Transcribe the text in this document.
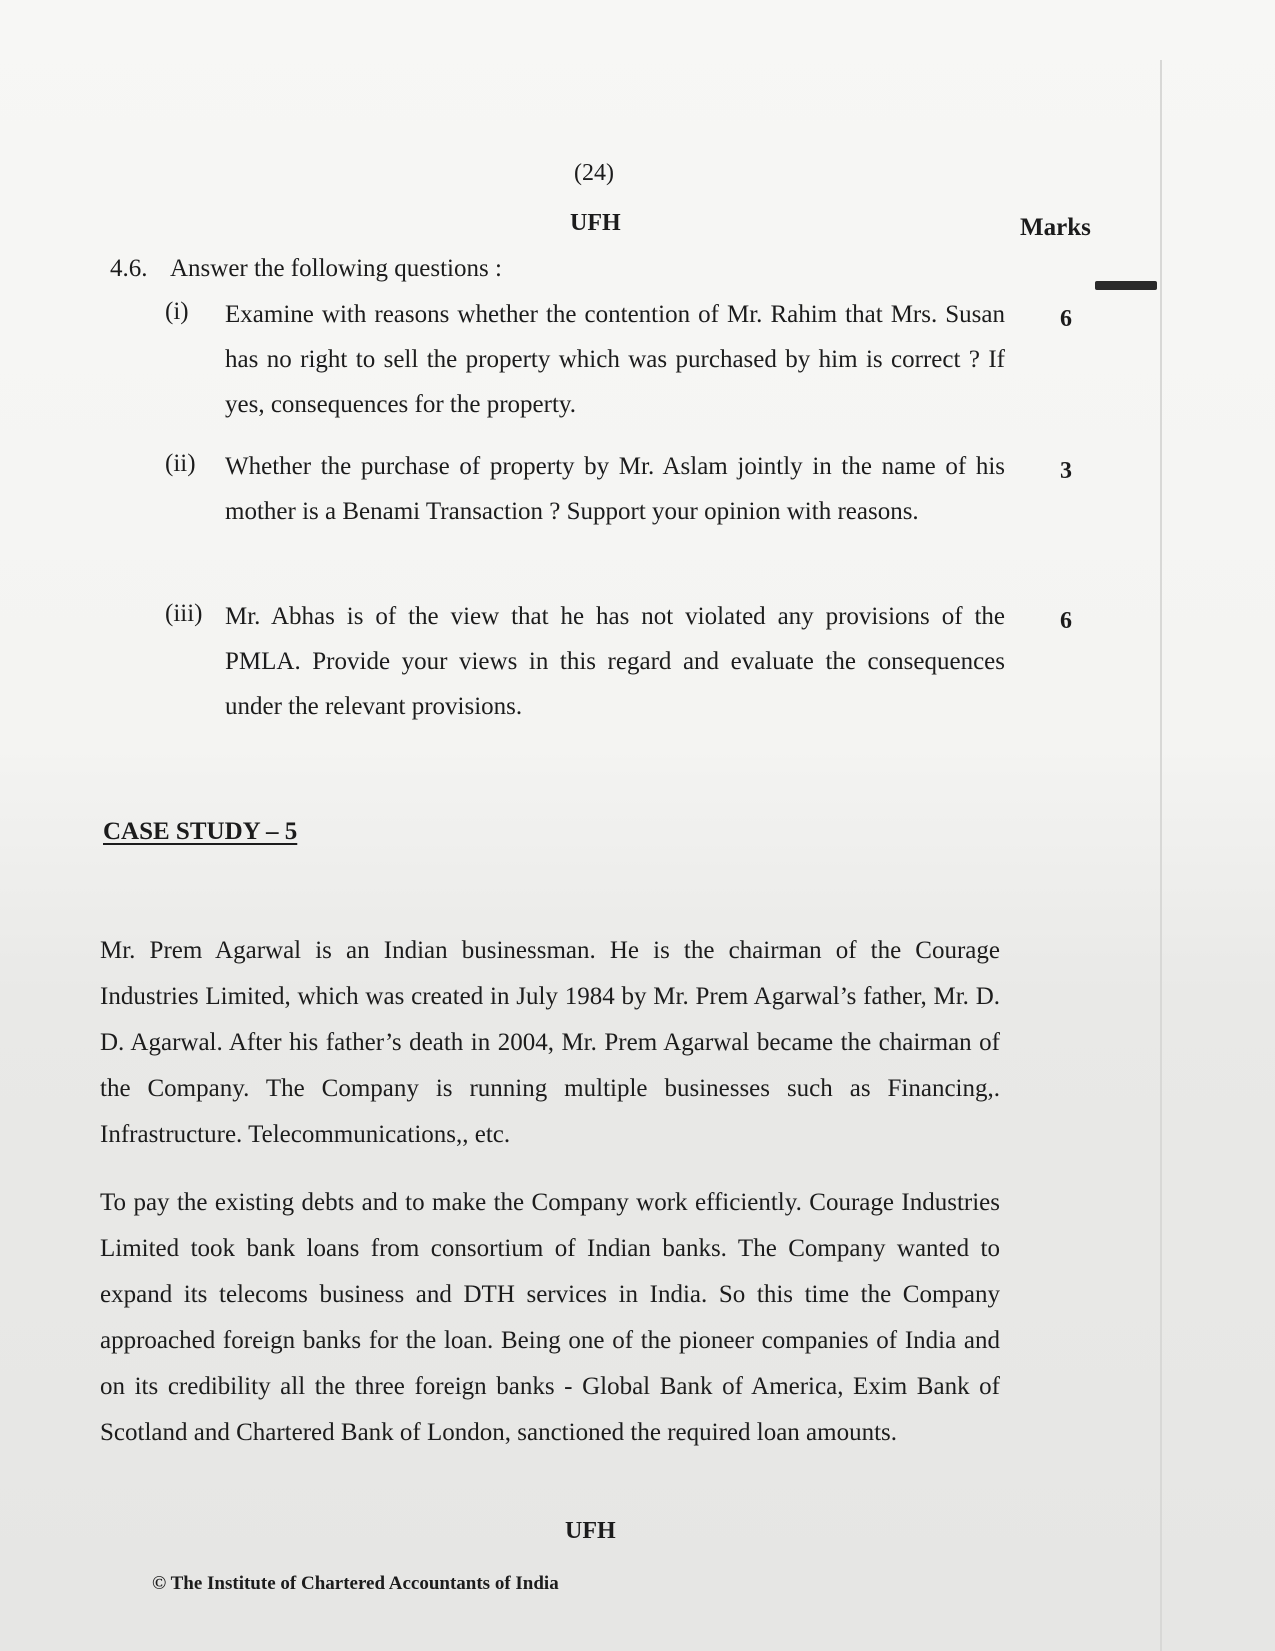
(24)
UFH	Marks
4.6. Answer the following questions :
(i) Examine with reasons whether the contention of Mr. Rahim that Mrs. Susan has no right to sell the property which was purchased by him is correct ? If yes, consequences for the property.
6
(ii) Whether the purchase of property by Mr. Aslam jointly in the name of his mother is a Benami Transaction ? Support your opinion with reasons.
3
(iii) Mr. Abhas is of the view that he has not violated any provisions of the PMLA. Provide your views in this regard and evaluate the consequences under the relevant provisions.
6
CASE STUDY – 5
Mr. Prem Agarwal is an Indian businessman. He is the chairman of the Courage Industries Limited, which was created in July 1984 by Mr. Prem Agarwal’s father, Mr. D. D. Agarwal. After his father’s death in 2004, Mr. Prem Agarwal became the chairman of the Company. The Company is running multiple businesses such as Financing,. Infrastructure. Telecommunications,, etc.
To pay the existing debts and to make the Company work efficiently. Courage Industries Limited took bank loans from consortium of Indian banks. The Company wanted to expand its telecoms business and DTH services in India. So this time the Company approached foreign banks for the loan. Being one of the pioneer companies of India and on its credibility all the three foreign banks - Global Bank of America, Exim Bank of Scotland and Chartered Bank of London, sanctioned the required loan amounts.
UFH
© The Institute of Chartered Accountants of India
